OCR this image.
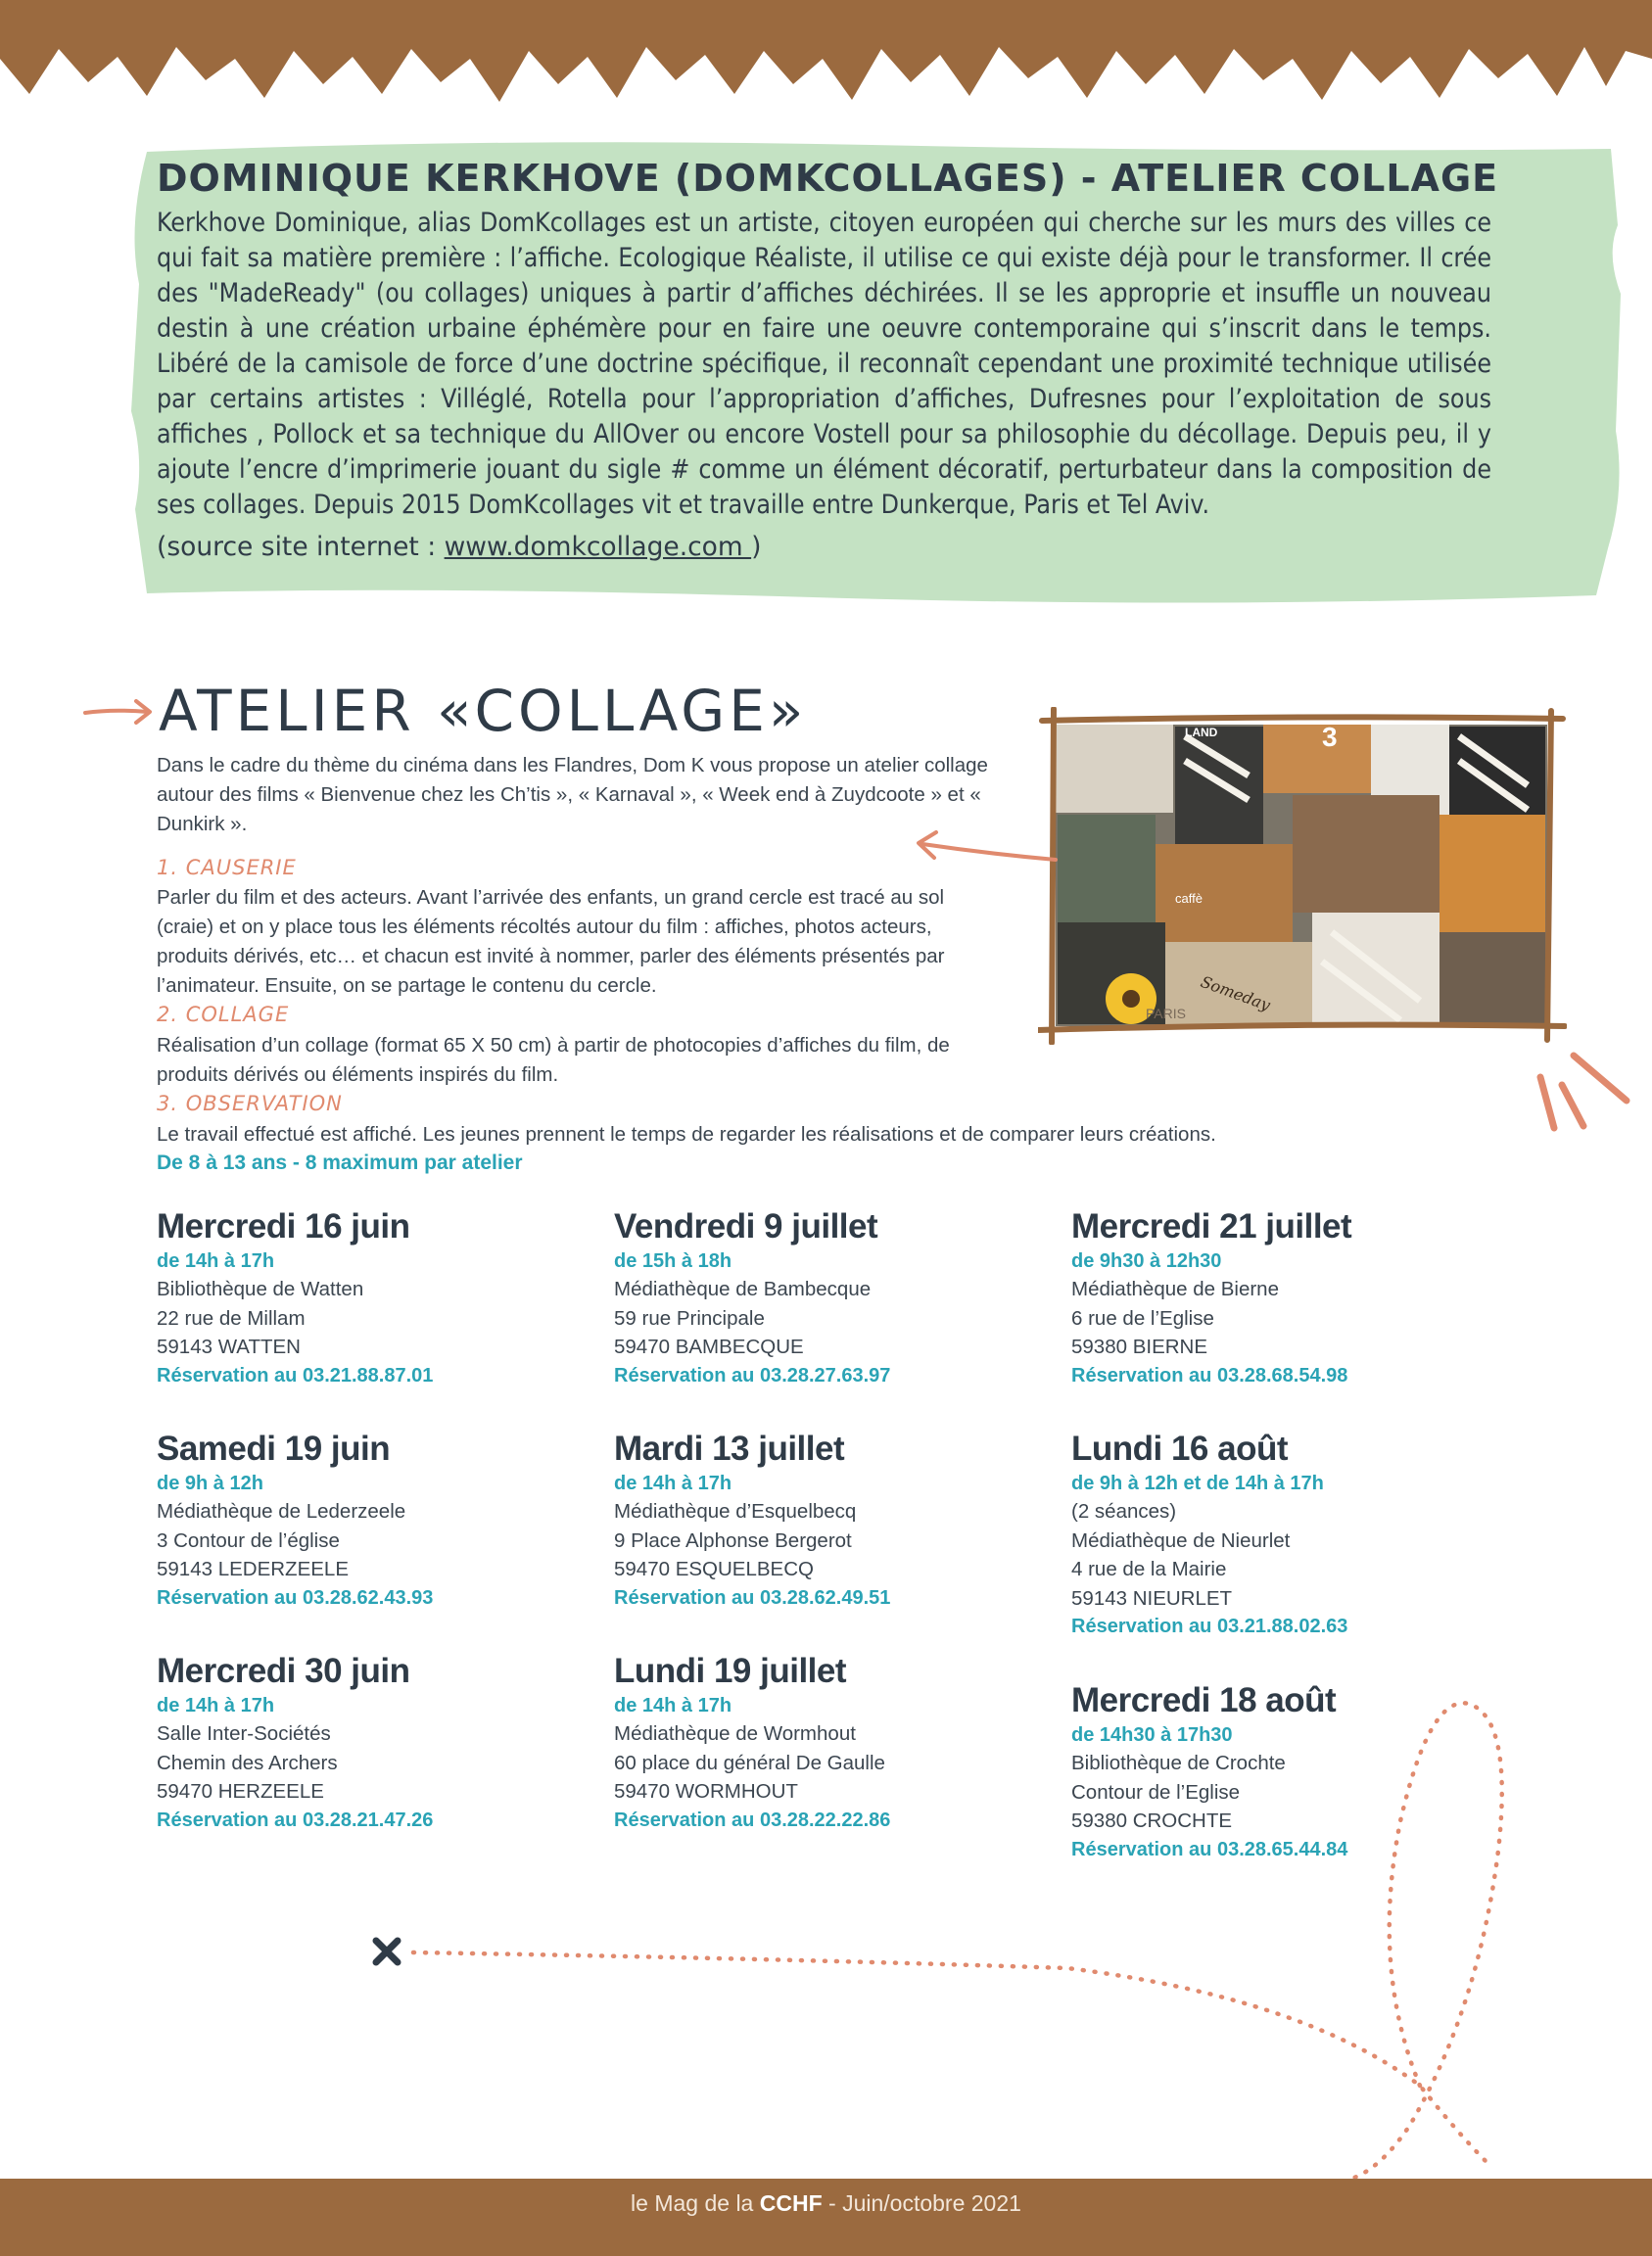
DOMINIQUE KERKHOVE (DOMKCOLLAGES) - ATELIER COLLAGE
Kerkhove Dominique, alias DomKcollages est un artiste, citoyen européen qui cherche sur les murs des villes ce qui fait sa matière première : l’affiche. Ecologique Réaliste, il utilise ce qui existe déjà pour le transformer. Il crée des "MadeReady" (ou collages) uniques à partir d’affiches déchirées. Il se les approprie et insuffle un nouveau destin à une création urbaine éphémère pour en faire une oeuvre contemporaine qui s’inscrit dans le temps. Libéré de la camisole de force d’une doctrine spécifique, il reconnaît cependant une proximité technique utilisée par certains artistes : Villéglé, Rotella pour l’appropriation d’affiches, Dufresnes pour l’exploitation de sous affiches , Pollock et sa technique du AllOver ou encore Vostell pour sa philosophie du décollage. Depuis peu, il y ajoute l’encre d’imprimerie jouant du sigle # comme un élément décoratif, perturbateur dans la composition de ses collages. Depuis 2015 DomKcollages vit et travaille entre Dunkerque, Paris et Tel Aviv.
(source site internet : www.domkcollage.com )
ATELIER «COLLAGE»
Dans le cadre du thème du cinéma dans les Flandres, Dom K vous propose un atelier collage autour des films « Bienvenue chez les Ch’tis », « Karnaval », « Week end à Zuydcoote » et « Dunkirk ».
1. CAUSERIE
Parler du film et des acteurs. Avant l’arrivée des enfants, un grand cercle est tracé au sol (craie) et on y place tous les éléments récoltés autour du film : affiches, photos acteurs, produits dérivés, etc… et chacun est invité à nommer, parler des éléments présentés par l’animateur. Ensuite, on se partage le contenu du cercle.
2. COLLAGE
Réalisation d’un collage (format 65 X 50 cm) à partir de photocopies d’affiches du film, de produits dérivés ou éléments inspirés du film.
3. OBSERVATION
Le travail effectué est affiché. Les jeunes prennent le temps de regarder les réalisations et de comparer leurs créations.
De 8 à 13 ans - 8 maximum par atelier
LAND	3
caffè
Someday
PARIS
Mercredi 16 juin
de 14h à 17h
Bibliothèque de Watten
22 rue de Millam
59143 WATTEN
Réservation au 03.21.88.87.01
Samedi 19 juin
de 9h à 12h
Médiathèque de Lederzeele
3 Contour de l’église
59143 LEDERZEELE
Réservation au 03.28.62.43.93
Mercredi 30 juin
de 14h à 17h
Salle Inter-Sociétés
Chemin des Archers
59470 HERZEELE
Réservation au 03.28.21.47.26
Vendredi 9 juillet
de 15h à 18h
Médiathèque de Bambecque
59 rue Principale
59470 BAMBECQUE
Réservation au 03.28.27.63.97
Mardi 13 juillet
de 14h à 17h
Médiathèque d’Esquelbecq
9 Place Alphonse Bergerot
59470 ESQUELBECQ
Réservation au 03.28.62.49.51
Lundi 19 juillet
de 14h à 17h
Médiathèque de Wormhout
60 place du général De Gaulle
59470 WORMHOUT
Réservation au 03.28.22.22.86
Mercredi 21 juillet
de 9h30 à 12h30
Médiathèque de Bierne
6 rue de l’Eglise
59380 BIERNE
Réservation au 03.28.68.54.98
Lundi 16 août
de 9h à 12h et de 14h à 17h
(2 séances)
Médiathèque de Nieurlet
4 rue de la Mairie
59143 NIEURLET
Réservation au 03.21.88.02.63
Mercredi 18 août
de 14h30 à 17h30
Bibliothèque de Crochte
Contour de l’Eglise
59380 CROCHTE
Réservation au 03.28.65.44.84
le Mag de la CCHF - Juin/octobre 2021
